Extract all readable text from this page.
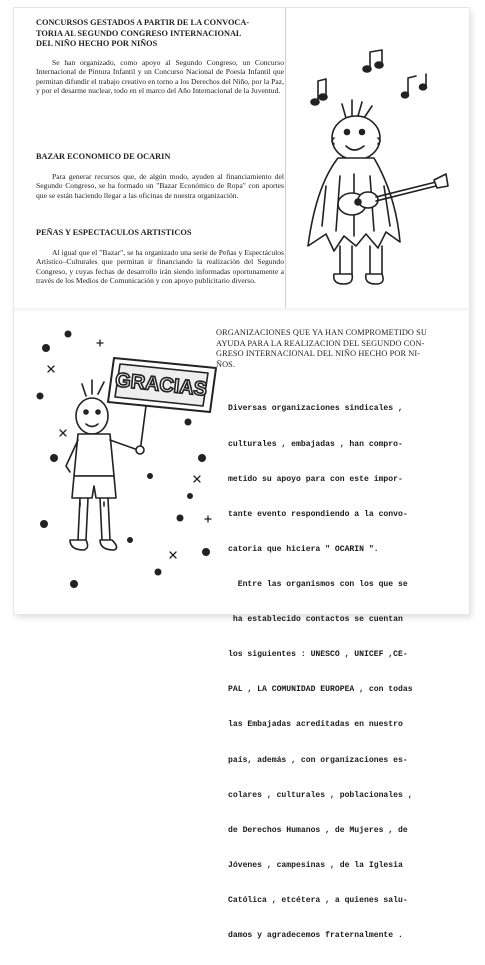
CONCURSOS GESTADOS A PARTIR DE LA CONVOCA-
TORIA AL SEGUNDO CONGRESO INTERNACIONAL
DEL NIÑO HECHO POR NIÑOS

Se han organizado, como apoyo al Segundo Congreso, un Concurso Internacional de Pintura Infantil y un Concurso Nacional de Poesía Infantil que permitan difundir el trabajo creativo en torno a los Derechos del Niño, por la Paz, y por el desarme nuclear, todo en el marco del Año Internacional de la Juventud.

BAZAR ECONOMICO DE OCARIN

Para generar recursos que, de algún modo, ayuden al financiamiento del Segundo Congreso, se ha formado un "Bazar Económico de Ropa" con aportes que se están haciendo llegar a las oficinas de nuestra organización.

PEÑAS Y ESPECTACULOS ARTISTICOS

Al igual que el "Bazar", se ha organizado una serie de Peñas y Espectáculos Artístico–Culturales que permitan ir financiando la realización del Segundo Congreso, y cuyas fechas de desarrollo irán siendo informadas oportunamente a través de los Medios de Comunicación y con apoyo publicitario diverso.

GRACIAS
ORGANIZACIONES QUE YA HAN COMPROMETIDO SU
AYUDA PARA LA REALIZACION DEL SEGUNDO CON-
GRESO INTERNACIONAL DEL NIÑO HECHO POR NI-
ÑOS.

Diversas organizaciones sindicales ,

culturales , embajadas , han compro-

metido su apoyo para con este impor-

tante evento respondiendo a la convo-

catoria que hiciera " OCARIN ".

Entre las organismos con los que se

ha establecido contactos se cuentan

los siguientes : UNESCO , UNICEF ,CE-

PAL , LA COMUNIDAD EUROPEA , con todas

las Embajadas acreditadas en nuestro

país, además , con organizaciones es-

colares , culturales , poblacionales ,

de Derechos Humanos , de Mujeres , de

Jóvenes , campesinas , de la Iglesia

Católica , etcétera , a quienes salu-

damos y agradecemos fraternalmente .
